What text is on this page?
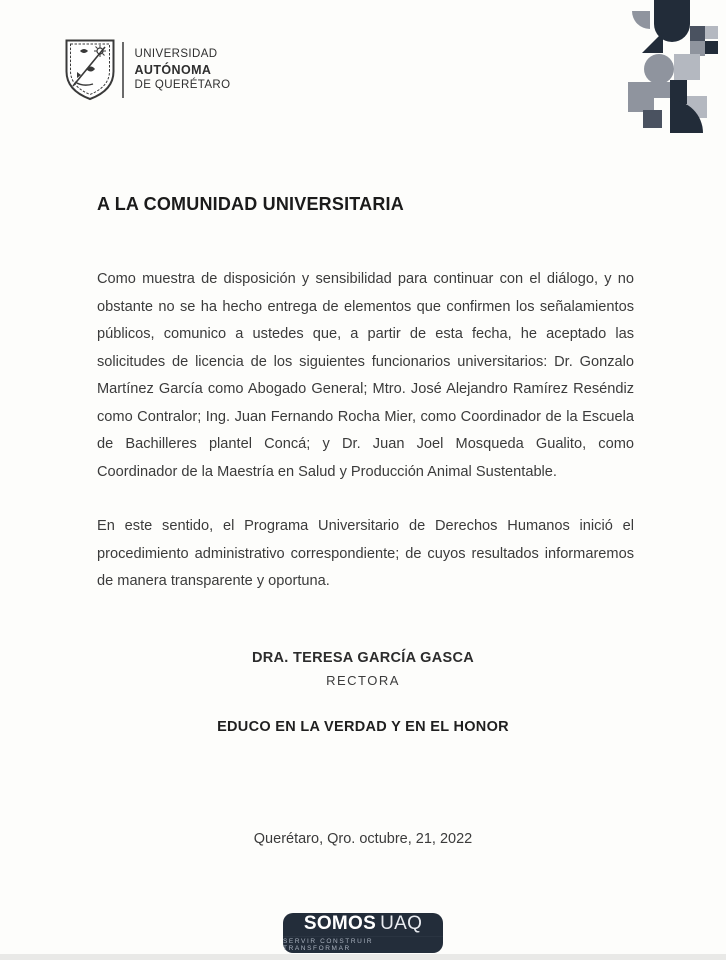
UNIVERSIDAD
AUTÓNOMA
DE QUERÉTARO
A LA COMUNIDAD UNIVERSITARIA

Como muestra de disposición y sensibilidad para continuar con el diálogo, y no obstante no se ha hecho entrega de elementos que confirmen los señalamientos públicos, comunico a ustedes que, a partir de esta fecha, he aceptado las solicitudes de licencia de los siguientes funcionarios universitarios: Dr. Gonzalo Martínez García como Abogado General; Mtro. José Alejandro Ramírez Reséndiz como Contralor; Ing. Juan Fernando Rocha Mier, como Coordinador de la Escuela de Bachilleres plantel Concá; y Dr. Juan Joel Mosqueda Gualito, como Coordinador de la Maestría en Salud y Producción Animal Sustentable.

En este sentido, el Programa Universitario de Derechos Humanos inició el procedimiento administrativo correspondiente; de cuyos resultados informaremos de manera transparente y oportuna.

DRA. TERESA GARCÍA GASCA
RECTORA
EDUCO EN LA VERDAD Y EN EL HONOR
Querétaro, Qro. octubre, 21, 2022
SOMOS UAQ
SERVIR CONSTRUIR TRANSFORMAR
